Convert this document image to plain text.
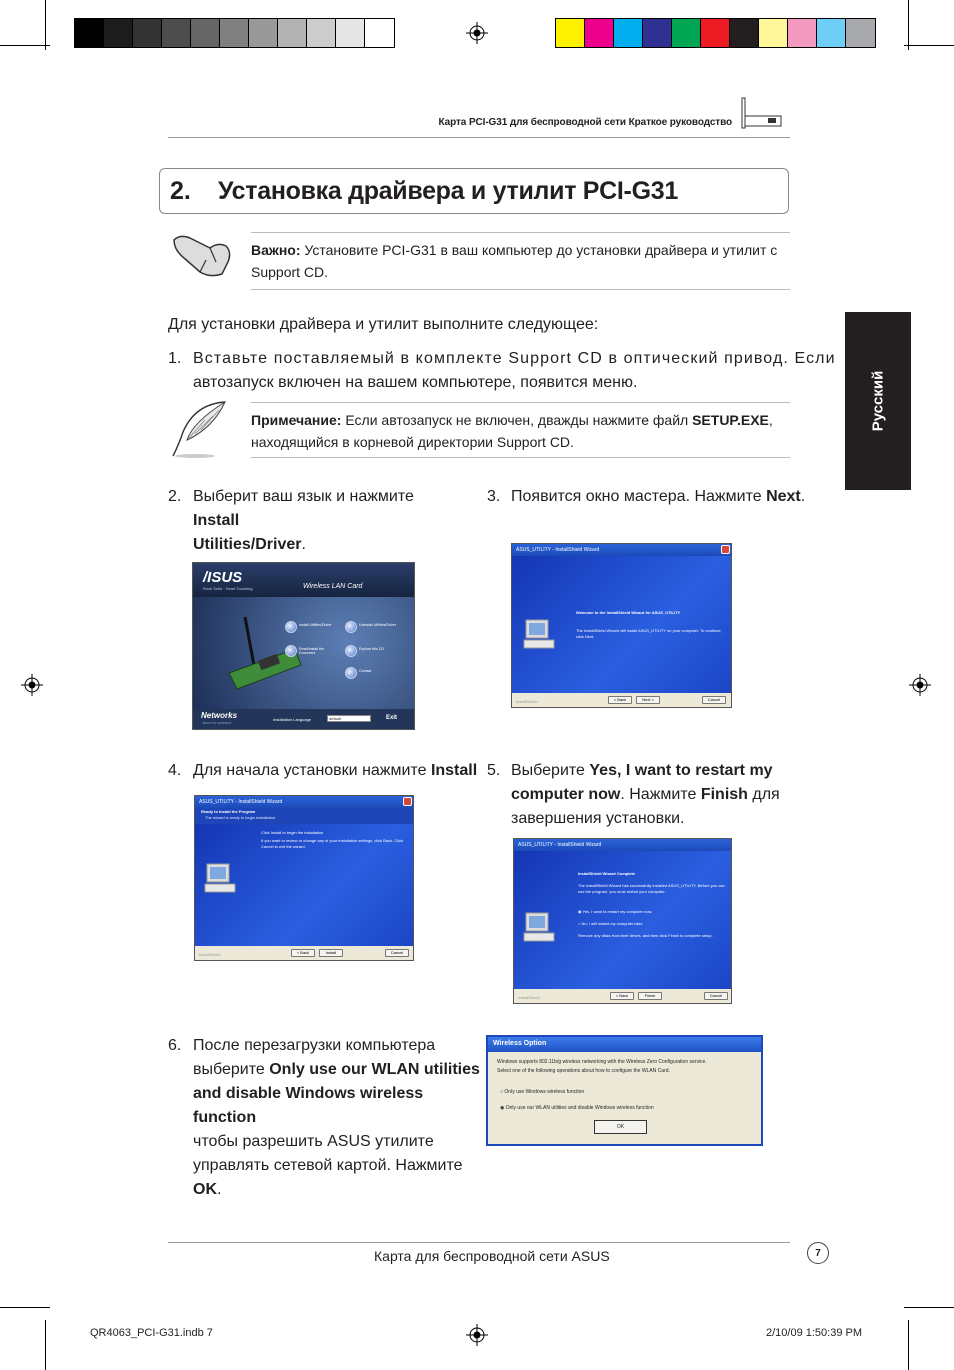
Карта PCI-G31 для беспроводной сети Краткое руководство
2. Установка драйвера и утилит PCI-G31
Русский
Важно: Установите PCI-G31 в ваш компьютер до установки драйвера и утилит с
Support CD.
Для установки драйвера и утилит выполните следующее:
1. Вставьте поставляемый в комплекте Support CD в оптический привод. Если
автозапуск включен на вашем компьютере, появится меню.
Примечание: Если автозапуск не включен, дважды нажмите файл SETUP.EXE,
находящийся в корневой директории Support CD.
2. Выберит ваш язык и нажмите Install
Utilities/Driver.
3. Появится окно мастера. Нажмите Next.
/ISUS
Rock Solid · Heart Touching	Wireless LAN Card
Install Utilities/Driver	Uninstall Utilities/Driver
Read/Install the Document
Explore this CD
Contact
Networks
BUILT TO CONNECT
Installation Language	default	Exit
ASUS_UTILITY - InstallShield Wizard
Welcome to the InstallShield Wizard for ASUS_UTILITY
The InstallShield Wizard will install ASUS_UTILITY on your computer. To continue, click Next.
InstallShield	< Back	Next >	Cancel
4. Для начала установки нажмите Install 5. Выберите Yes, I want to restart my
computer now. Нажмите Finish для
завершения установки.
ASUS_UTILITY - InstallShield Wizard
Ready to Install the Program
The wizard is ready to begin installation.
Click Install to begin the installation.
If you want to review or change any of your installation settings, click Back. Click Cancel to exit the wizard.
InstallShield	< Back	Install	Cancel
ASUS_UTILITY - InstallShield Wizard
InstallShield Wizard Complete
The InstallShield Wizard has successfully installed ASUS_UTILITY. Before you can use the program, you must restart your computer.
◉ Yes, I want to restart my computer now.
○ No, I will restart my computer later.
Remove any disks from their drives, and then click Finish to complete setup.
InstallShield	< Back	Finish	Cancel
6. После перезагрузки компьютера
выберите Only use our WLAN utilities
and disable Windows wireless function
чтобы разрешить ASUS утилите
управлять сетевой картой. Нажмите
OK.
Wireless Option
Windows supports 802.11b/g wireless networking with the Wireless Zero Configuration service.
Select one of the following operations about how to configure the WLAN Card.
○ Only use Windows wireless function
◉ Only use our WLAN utilities and disable Windows wireless function
OK
Карта для беспроводной сети ASUS	7
QR4063_PCI-G31.indb 7	2/10/09 1:50:39 PM
